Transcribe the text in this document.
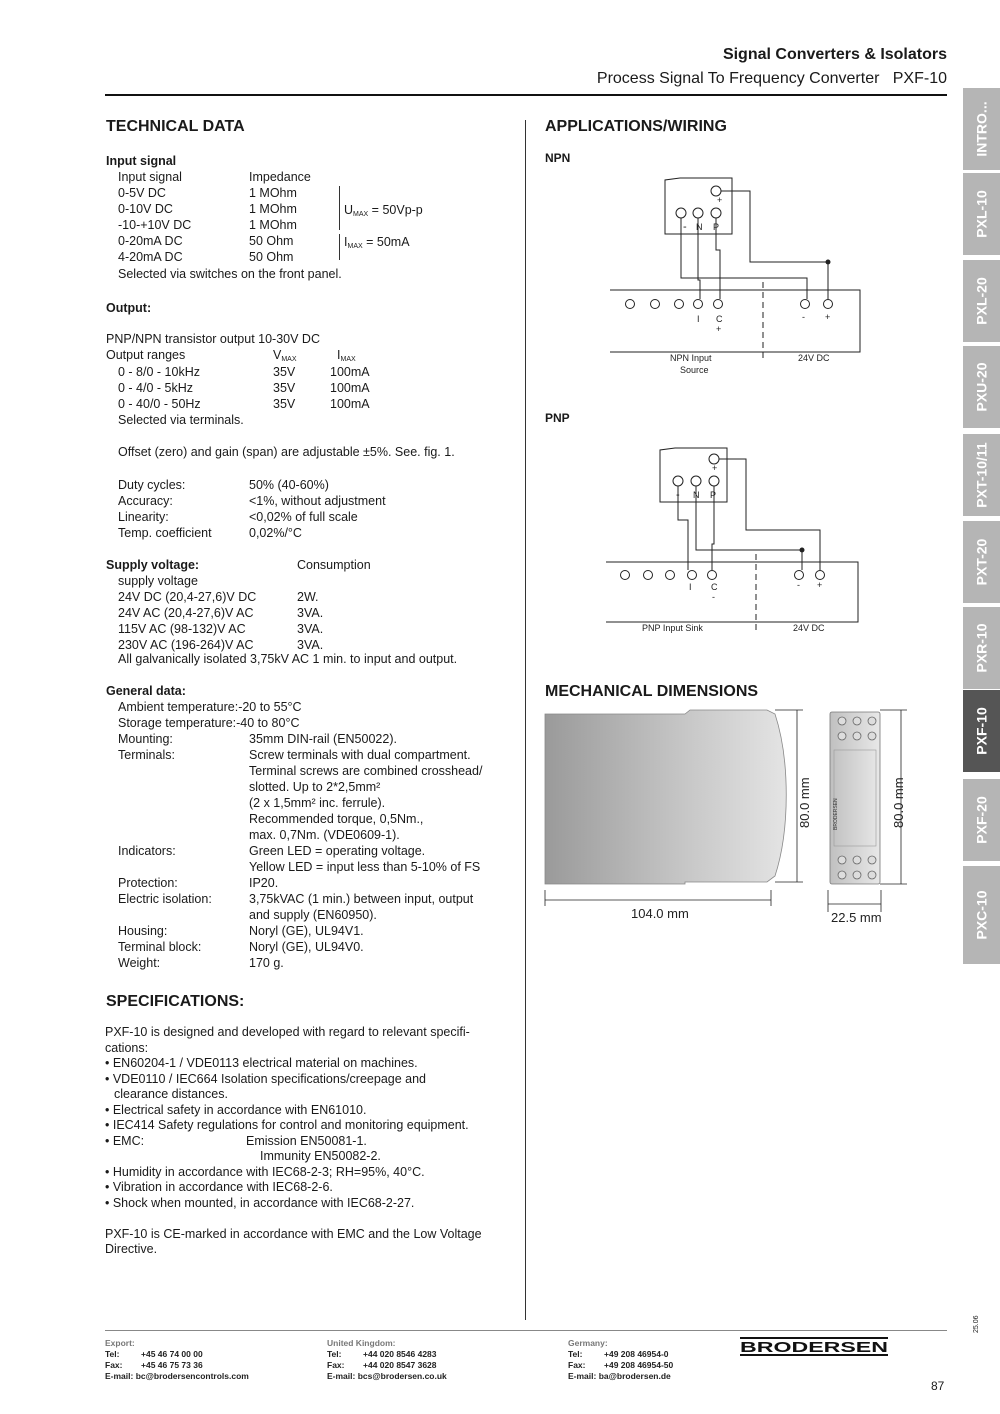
Signal Converters & Isolators
Process Signal To Frequency Converter   PXF-10
INTRO...
PXL-10
PXL-20
PXU-20
PXT-10/11
PXT-20
PXR-10
PXF-10
PXF-20
PXC-10
TECHNICAL DATA
Input signal
Input signal	Impedance
0-5V DC	1 MOhm
0-10V DC	1 MOhm
-10-+10V DC	1 MOhm
0-20mA DC	50 Ohm
4-20mA DC	50 Ohm
$U_{MAX} = 50Vp-p$
$I_{MAX} = 50mA$
Selected via switches on the front panel.
Output:
PNP/NPN transistor output 10-30V DC
Output ranges	$V_{MAX}$	$I_{MAX}$
0 - 8/0 - 10kHz	35V	100mA
0 - 4/0 - 5kHz	35V	100mA
0 - 40/0 - 50Hz	35V	100mA
Selected via terminals.
Offset (zero) and gain (span) are adjustable ±5%. See. fig. 1.
Duty cycles:	50% (40-60%)
Accuracy:	<1%, without adjustment
Linearity:	<0,02% of full scale
Temp. coefficient	0,02%/°C
Supply voltage:	Consumption
supply voltage
24V DC (20,4-27,6)V DC	2W.
24V AC (20,4-27,6)V AC	3VA.
115V AC (98-132)V AC	3VA.
230V AC (196-264)V AC	3VA.
All galvanically isolated 3,75kV AC 1 min. to input and output.
General data:
Ambient temperature:-20 to 55°C
Storage temperature:-40 to 80°C
Mounting:	35mm DIN-rail (EN50022).
Terminals:	Screw terminals with dual compartment.
Terminal screws are combined crosshead/
slotted. Up to 2*2,5mm²
(2 x 1,5mm² inc. ferrule).
Recommended torque, 0,5Nm.,
max. 0,7Nm. (VDE0609-1).
Indicators:	Green LED = operating voltage.
Yellow LED = input less than 5-10% of FS
Protection:	IP20.
Electric isolation:	3,75kVAC (1 min.) between input, output
and supply (EN60950).
Housing:	Noryl (GE), UL94V1.
Terminal block:	Noryl (GE), UL94V0.
Weight:	170 g.
SPECIFICATIONS:
PXF-10 is designed and developed with regard to relevant specifi-cations:
• EN60204-1 / VDE0113 electrical material on machines.
• VDE0110 / IEC664 Isolation specifications/creepage and
clearance distances.
• Electrical safety in accordance with EN61010.
• IEC414 Safety regulations for control and monitoring equipment.
• EMC:	Emission EN50081-1.
Immunity EN50082-2.
• Humidity in accordance with IEC68-2-3; RH=95%, 40°C.
• Vibration in accordance with IEC68-2-6.
• Shock when mounted, in accordance with IEC68-2-27.
PXF-10 is CE-marked in accordance with EMC and the Low Voltage Directive.
APPLICATIONS/WIRING
NPN
+
- N P
I C
+
- +
NPN Input
Source
24V DC
PNP
+
- N P
I C
-
- +
PNP Input Sink	24V DC
MECHANICAL DIMENSIONS
BRODERSEN
80.0 mm	80.0 mm
104.0 mm	22.5 mm
Export:
Tel:	+45 46 74 00 00
Fax: +45 46 75 73 36
E-mail: bc@brodersencontrols.com
United Kingdom:
Tel:	+44 020 8546 4283
Fax: +44 020 8547 3628
E-mail: bcs@brodersen.co.uk
Germany:
Tel:	+49 208 46954-0
Fax: +49 208 46954-50
E-mail: ba@brodersen.de
BRODERSEN
25.06
87
